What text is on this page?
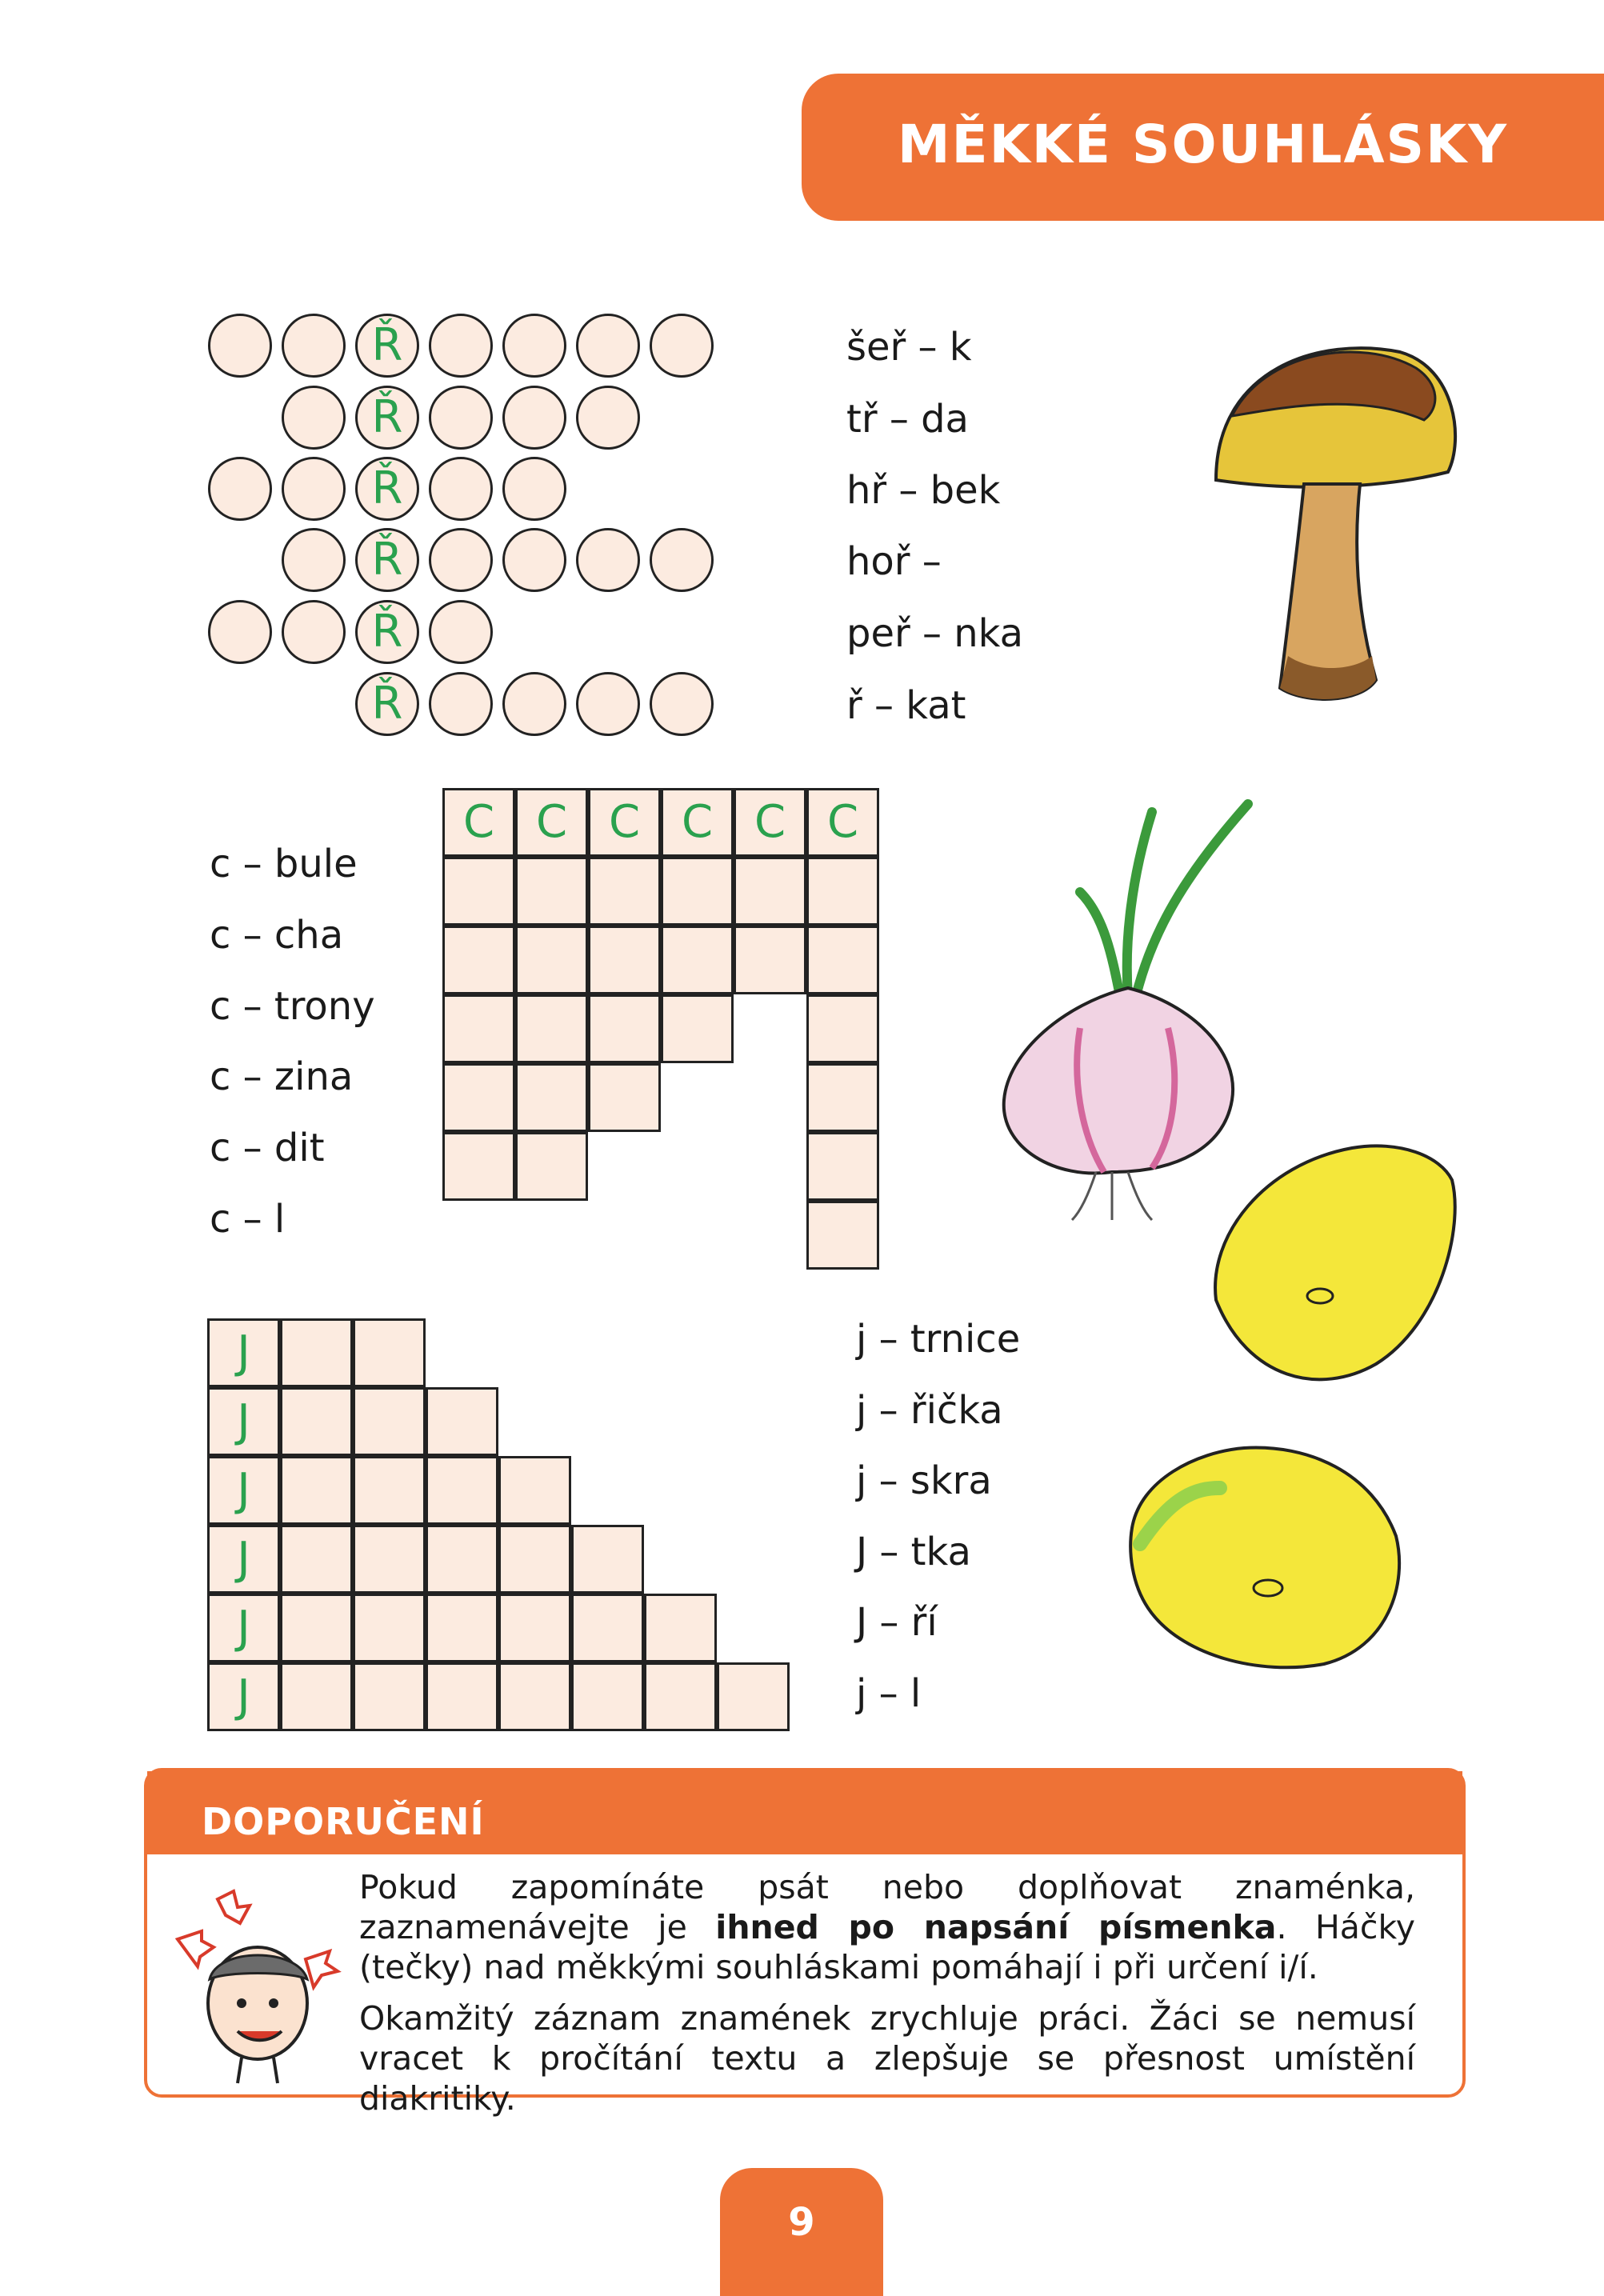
MĚKKÉ SOUHLÁSKY
Ř
Ř
Ř
Ř
Ř
Ř
šeř – k
tř – da
hř – bek
hoř –
peř – nka
ř – kat
C C C C C C
c – bule
c – cha
c – trony
c – zina
c – dit
c – l
J
J
J
J
J
J
j – trnice
j – řička
j – skra
J – tka
J – ří
j – l
DOPORUČENÍ

Pokud zapomínáte psát nebo doplňovat znaménka, zaznamenávejte je ihned po napsání písmenka. Háčky (tečky) nad měkkými souhláskami pomáhají i při určení i/í.

Okamžitý záznam znamének zrychluje práci. Žáci se nemusí vracet k pročítání textu a zlepšuje se přesnost umístění diakritiky.

9
